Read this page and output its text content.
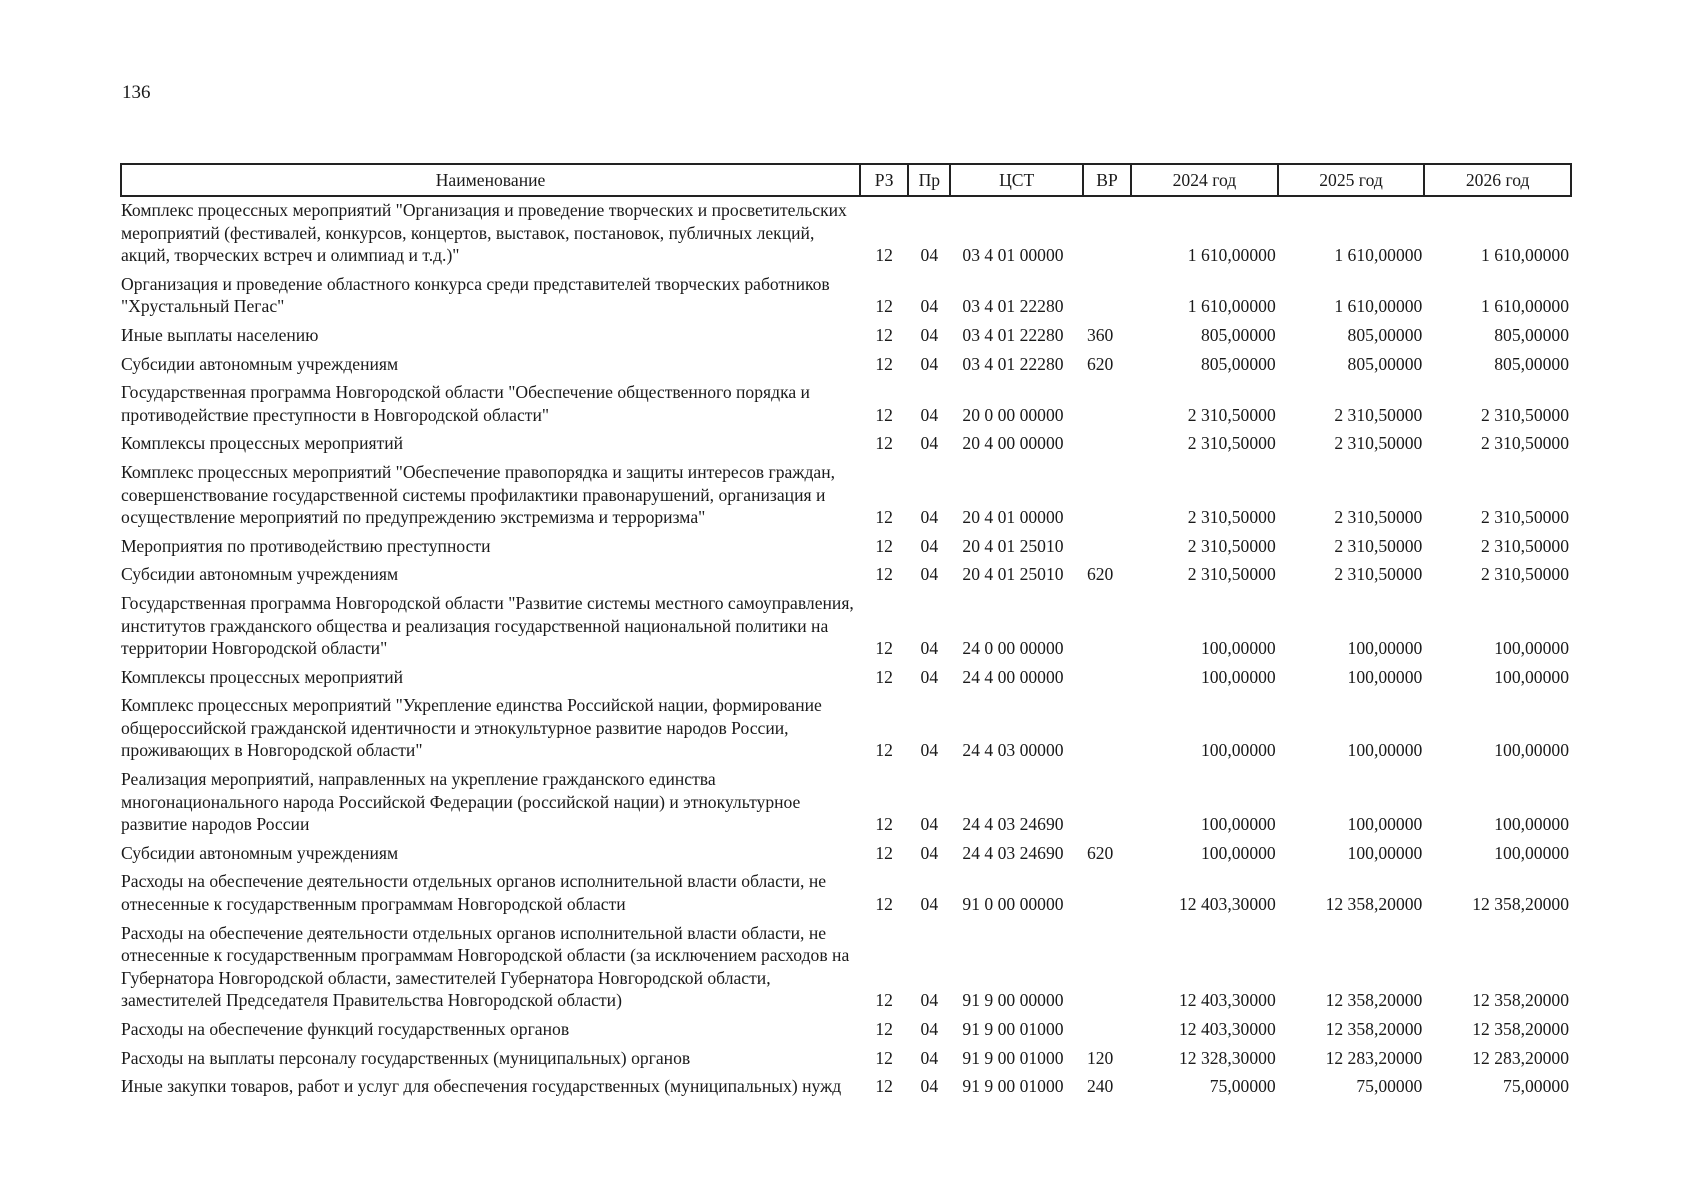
136
Наименование	РЗ	Пр	ЦСТ	ВР	2024 год	2025 год	2026 год
Комплекс процессных мероприятий "Организация и проведение творческих и просветительских мероприятий (фестивалей, конкурсов, концертов, выставок, постановок, публичных лекций, акций, творческих встреч и олимпиад и т.д.)"	12	04	03 4 01 00000		1 610,00000	1 610,00000	1 610,00000
Организация и проведение областного конкурса среди представителей творческих работников "Хрустальный Пегас"	12	04	03 4 01 22280		1 610,00000	1 610,00000	1 610,00000
Иные выплаты населению	12	04	03 4 01 22280	360	805,00000	805,00000	805,00000
Субсидии автономным учреждениям	12	04	03 4 01 22280	620	805,00000	805,00000	805,00000
Государственная программа Новгородской области "Обеспечение общественного порядка и противодействие преступности в Новгородской области"	12	04	20 0 00 00000		2 310,50000	2 310,50000	2 310,50000
Комплексы процессных мероприятий	12	04	20 4 00 00000		2 310,50000	2 310,50000	2 310,50000
Комплекс процессных мероприятий "Обеспечение правопорядка и защиты интересов граждан, совершенствование государственной системы профилактики правонарушений, организация и осуществление мероприятий по предупреждению экстремизма и терроризма"	12	04	20 4 01 00000		2 310,50000	2 310,50000	2 310,50000
Мероприятия по противодействию преступности	12	04	20 4 01 25010		2 310,50000	2 310,50000	2 310,50000
Субсидии автономным учреждениям	12	04	20 4 01 25010	620	2 310,50000	2 310,50000	2 310,50000
Государственная программа Новгородской области "Развитие системы местного самоуправления, институтов гражданского общества и реализация государственной национальной политики на территории Новгородской области"	12	04	24 0 00 00000		100,00000	100,00000	100,00000
Комплексы процессных мероприятий	12	04	24 4 00 00000		100,00000	100,00000	100,00000
Комплекс процессных мероприятий "Укрепление единства Российской нации, формирование общероссийской гражданской идентичности и этнокультурное развитие народов России, проживающих в Новгородской области"	12	04	24 4 03 00000		100,00000	100,00000	100,00000
Реализация мероприятий, направленных на укрепление гражданского единства многонационального народа Российской Федерации (российской нации) и этнокультурное развитие народов России	12	04	24 4 03 24690		100,00000	100,00000	100,00000
Субсидии автономным учреждениям	12	04	24 4 03 24690	620	100,00000	100,00000	100,00000
Расходы на обеспечение деятельности отдельных органов исполнительной власти области, не отнесенные к государственным программам Новгородской области	12	04	91 0 00 00000		12 403,30000	12 358,20000	12 358,20000
Расходы на обеспечение деятельности отдельных органов исполнительной власти области, не отнесенные к государственным программам Новгородской области (за исключением расходов на Губернатора Новгородской области, заместителей Губернатора Новгородской области, заместителей Председателя Правительства Новгородской области)	12	04	91 9 00 00000		12 403,30000	12 358,20000	12 358,20000
Расходы на обеспечение функций государственных органов	12	04	91 9 00 01000		12 403,30000	12 358,20000	12 358,20000
Расходы на выплаты персоналу государственных (муниципальных) органов	12	04	91 9 00 01000	120	12 328,30000	12 283,20000	12 283,20000
Иные закупки товаров, работ и услуг для обеспечения государственных (муниципальных) нужд	12	04	91 9 00 01000	240	75,00000	75,00000	75,00000
